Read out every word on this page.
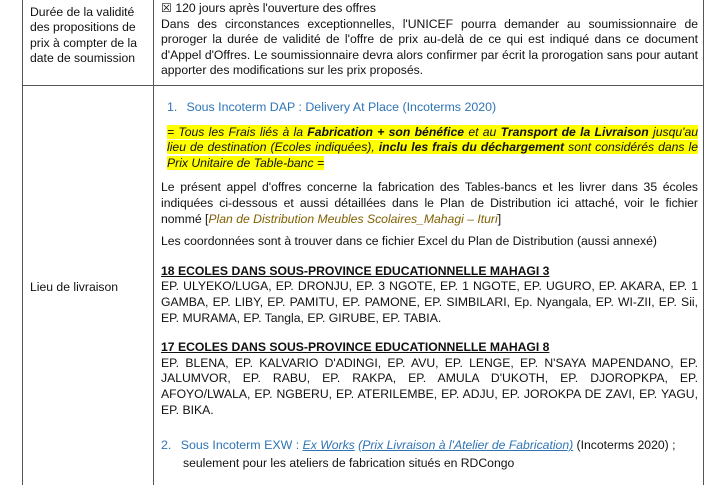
Durée de la validité des propositions de prix à compter de la date de soumission
☒ 120 jours après l'ouverture des offres
Dans des circonstances exceptionnelles, l'UNICEF pourra demander au soumissionnaire de proroger la durée de validité de l'offre de prix au-delà de ce qui est indiqué dans ce document d'Appel d'Offres. Le soumissionnaire devra alors confirmer par écrit la prorogation sans pour autant apporter des modifications sur les prix proposés.
Lieu de livraison
1. Sous Incoterm DAP : Delivery At Place (Incoterms 2020)
= Tous les Frais liés à la Fabrication + son bénéfice et au Transport de la Livraison jusqu'au lieu de destination (Ecoles indiquées), inclu les frais du déchargement sont considérés dans le Prix Unitaire de Table-banc =
Le présent appel d'offres concerne la fabrication des Tables-bancs et les livrer dans 35 écoles indiquées ci-dessous et aussi détaillées dans le Plan de Distribution ici attaché, voir le fichier nommé [Plan de Distribution Meubles Scolaires_Mahagi – Ituri]
Les coordonnées sont à trouver dans ce fichier Excel du Plan de Distribution (aussi annexé)
18 ECOLES DANS SOUS-PROVINCE EDUCATIONNELLE MAHAGI 3
EP. ULYEKO/LUGA, EP. DRONJU, EP. 3 NGOTE, EP. 1 NGOTE, EP. UGURO, EP. AKARA, EP. 1 GAMBA, EP. LIBY, EP. PAMITU, EP. PAMONE, EP. SIMBILARI, Ep. Nyangala, EP. WI-ZII, EP. Sii, EP. MURAMA, EP. Tangla, EP. GIRUBE, EP. TABIA.
17 ECOLES DANS SOUS-PROVINCE EDUCATIONNELLE MAHAGI 8
EP. BLENA, EP. KALVARIO D'ADINGI, EP. AVU, EP. LENGE, EP. N'SAYA MAPENDANO, EP. JALUMVOR, EP. RABU, EP. RAKPA, EP. AMULA D'UKOTH, EP. DJOROPKPA, EP. AFOYO/LWALA, EP. NGBERU, EP. ATERILEMBE, EP. ADJU, EP. JOROKPA DE ZAVI, EP. YAGU, EP. BIKA.
2. Sous Incoterm EXW : Ex Works (Prix Livraison à l'Atelier de Fabrication) (Incoterms 2020) ;
seulement pour les ateliers de fabrication situés en RDCongo
